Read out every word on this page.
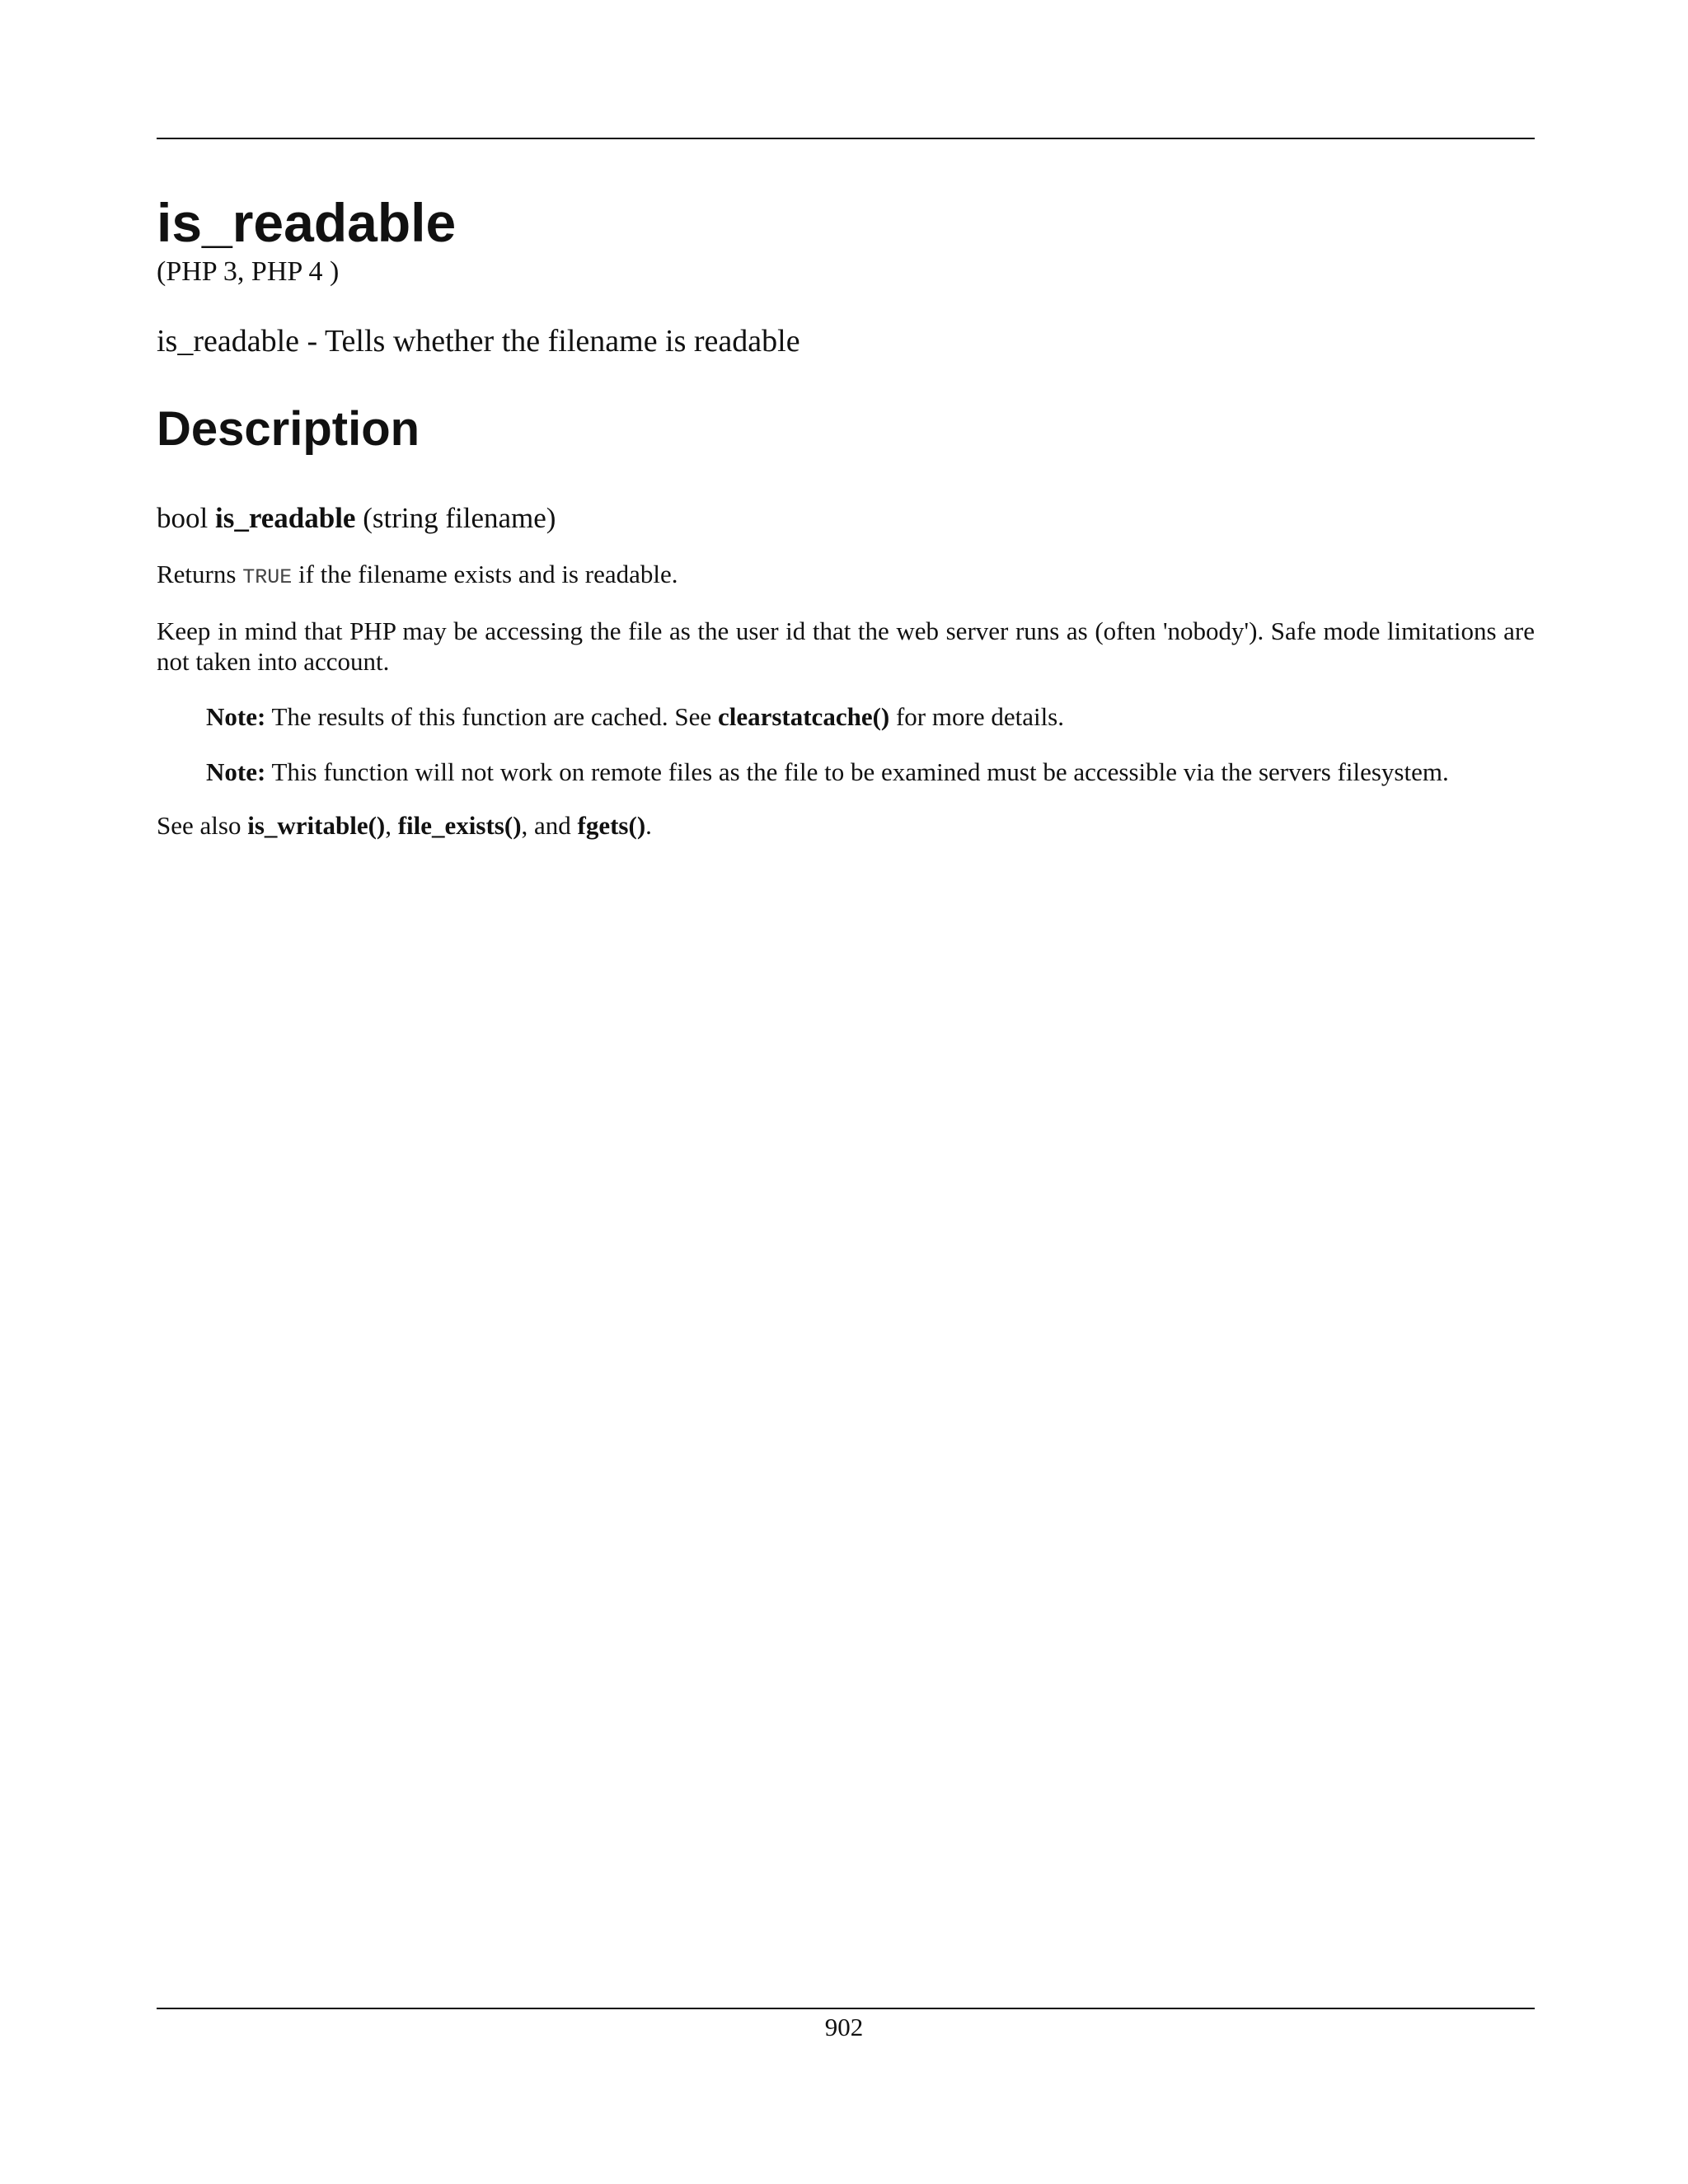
is_readable

(PHP 3, PHP 4 )

is_readable - Tells whether the filename is readable

Description

bool is_readable (string filename)

Returns TRUE if the filename exists and is readable.

Keep in mind that PHP may be accessing the file as the user id that the web server runs as (often 'nobody'). Safe mode limitations are not taken into account.

Note: The results of this function are cached. See clearstatcache() for more details.

Note: This function will not work on remote files as the file to be examined must be accessible via the servers filesystem.

See also is_writable(), file_exists(), and fgets().

902
